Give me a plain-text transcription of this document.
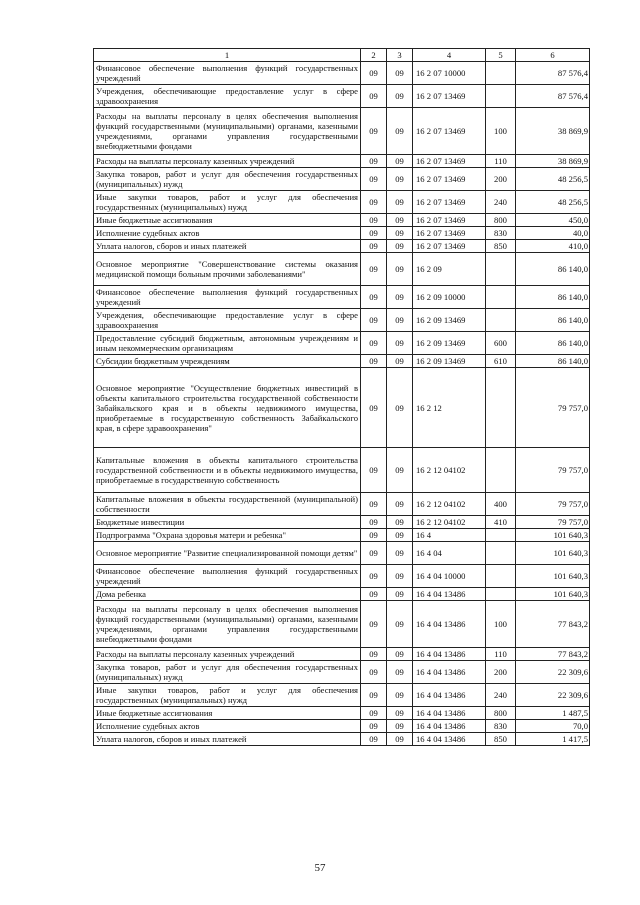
1	2	3	4	5	6
Финансовое обеспечение выполнения функций государственных учреждений	09	09	16 2 07 10000		87 576,4
Учреждения, обеспечивающие предоставление услуг в сфере здравоохранения	09	09	16 2 07 13469		87 576,4
Расходы на выплаты персоналу в целях обеспечения выполнения функций государственными (муниципальными) органами, казенными учреждениями, органами управления государственными внебюджетными фондами	09	09	16 2 07 13469	100	38 869,9
Расходы на выплаты персоналу казенных учреждений	09	09	16 2 07 13469	110	38 869,9
Закупка товаров, работ и услуг для обеспечения государственных (муниципальных) нужд	09	09	16 2 07 13469	200	48 256,5
Иные закупки товаров, работ и услуг для обеспечения государственных (муниципальных) нужд	09	09	16 2 07 13469	240	48 256,5
Иные бюджетные ассигнования	09	09	16 2 07 13469	800	450,0
Исполнение судебных актов	09	09	16 2 07 13469	830	40,0
Уплата налогов, сборов и иных платежей	09	09	16 2 07 13469	850	410,0
Основное мероприятие "Совершенствование системы оказания медицинской помощи больным прочими заболеваниями"	09	09	16 2 09		86 140,0
Финансовое обеспечение выполнения функций государственных учреждений	09	09	16 2 09 10000		86 140,0
Учреждения, обеспечивающие предоставление услуг в сфере здравоохранения	09	09	16 2 09 13469		86 140,0
Предоставление субсидий бюджетным, автономным учреждениям и иным некоммерческим организациям	09	09	16 2 09 13469	600	86 140,0
Субсидии бюджетным учреждениям	09	09	16 2 09 13469	610	86 140,0
Основное мероприятие "Осуществление бюджетных инвестиций в объекты капитального строительства государственной собственности Забайкальского края и в объекты недвижимого имущества, приобретаемые в государственную собственность Забайкальского края, в сфере здравоохранения"	09	09	16 2 12		79 757,0
Капитальные вложения в объекты капитального строительства государственной собственности и в объекты недвижимого имущества, приобретаемые в государственную собственность	09	09	16 2 12 04102		79 757,0
Капитальные вложения в объекты государственной (муниципальной) собственности	09	09	16 2 12 04102	400	79 757,0
Бюджетные инвестиции	09	09	16 2 12 04102	410	79 757,0
Подпрограмма "Охрана здоровья матери и ребенка"	09	09	16 4		101 640,3
Основное мероприятие "Развитие специализированной помощи детям"	09	09	16 4 04		101 640,3
Финансовое обеспечение выполнения функций государственных учреждений	09	09	16 4 04 10000		101 640,3
Дома ребенка	09	09	16 4 04 13486		101 640,3
Расходы на выплаты персоналу в целях обеспечения выполнения функций государственными (муниципальными) органами, казенными учреждениями, органами управления государственными внебюджетными фондами	09	09	16 4 04 13486	100	77 843,2
Расходы на выплаты персоналу казенных учреждений	09	09	16 4 04 13486	110	77 843,2
Закупка товаров, работ и услуг для обеспечения государственных (муниципальных) нужд	09	09	16 4 04 13486	200	22 309,6
Иные закупки товаров, работ и услуг для обеспечения государственных (муниципальных) нужд	09	09	16 4 04 13486	240	22 309,6
Иные бюджетные ассигнования	09	09	16 4 04 13486	800	1 487,5
Исполнение судебных актов	09	09	16 4 04 13486	830	70,0
Уплата налогов, сборов и иных платежей	09	09	16 4 04 13486	850	1 417,5
57
